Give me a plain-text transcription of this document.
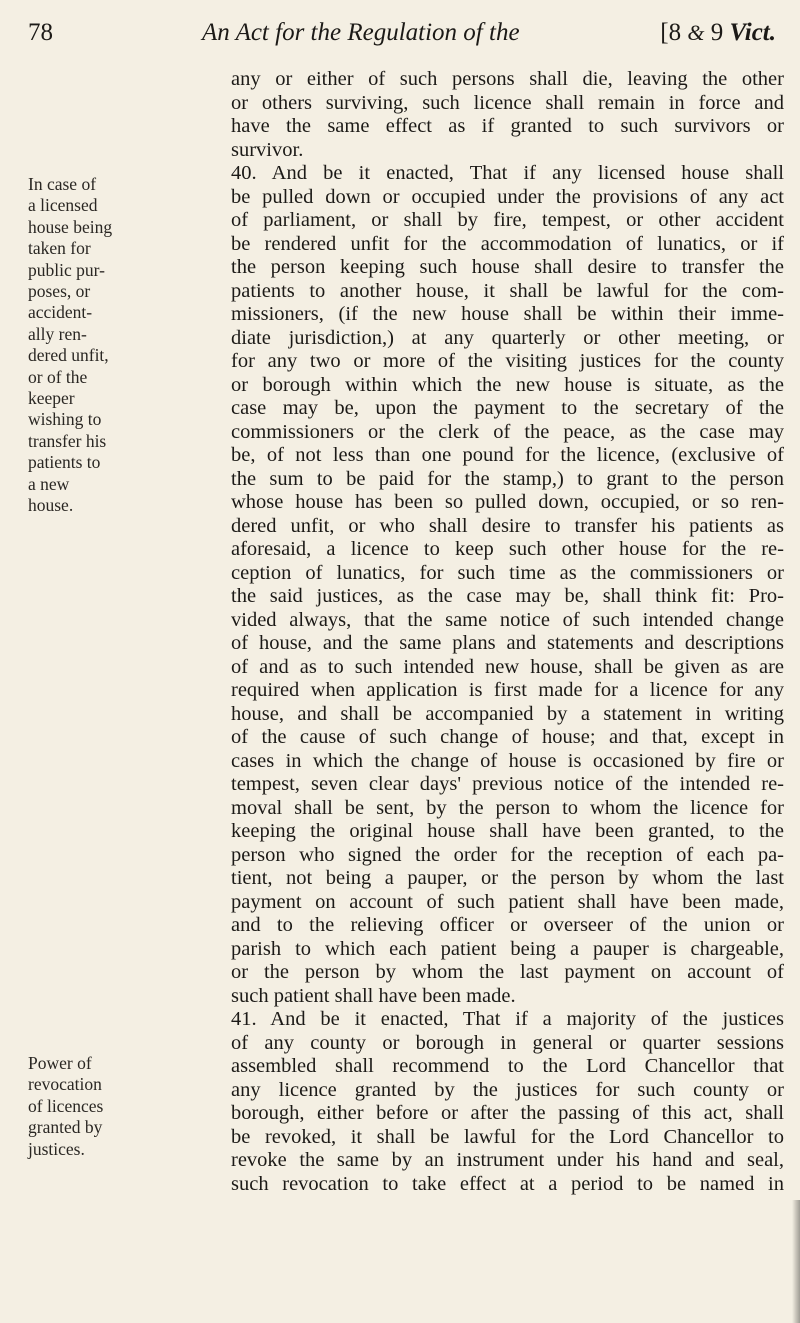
78	An Act for the Regulation of the	[8 & 9 Vict.
In case of
a licensed
house being
taken for
public pur-
poses, or
accident-
ally ren-
dered unfit,
or of the
keeper
wishing to
transfer his
patients to
a new
house.
Power of
revocation
of licences
granted by
justices.
any or either of such persons shall die, leaving the other
or others surviving, such licence shall remain in force and
have the same effect as if granted to such survivors or
survivor.
40. And be it enacted, That if any licensed house shall
be pulled down or occupied under the provisions of any act
of parliament, or shall by fire, tempest, or other accident
be rendered unfit for the accommodation of lunatics, or if
the person keeping such house shall desire to transfer the
patients to another house, it shall be lawful for the com-
missioners, (if the new house shall be within their imme-
diate jurisdiction,) at any quarterly or other meeting, or
for any two or more of the visiting justices for the county
or borough within which the new house is situate, as the
case may be, upon the payment to the secretary of the
commissioners or the clerk of the peace, as the case may
be, of not less than one pound for the licence, (exclusive of
the sum to be paid for the stamp,) to grant to the person
whose house has been so pulled down, occupied, or so ren-
dered unfit, or who shall desire to transfer his patients as
aforesaid, a licence to keep such other house for the re-
ception of lunatics, for such time as the commissioners or
the said justices, as the case may be, shall think fit: Pro-
vided always, that the same notice of such intended change
of house, and the same plans and statements and descriptions
of and as to such intended new house, shall be given as are
required when application is first made for a licence for any
house, and shall be accompanied by a statement in writing
of the cause of such change of house; and that, except in
cases in which the change of house is occasioned by fire or
tempest, seven clear days' previous notice of the intended re-
moval shall be sent, by the person to whom the licence for
keeping the original house shall have been granted, to the
person who signed the order for the reception of each pa-
tient, not being a pauper, or the person by whom the last
payment on account of such patient shall have been made,
and to the relieving officer or overseer of the union or
parish to which each patient being a pauper is chargeable,
or the person by whom the last payment on account of
such patient shall have been made.
41. And be it enacted, That if a majority of the justices
of any county or borough in general or quarter sessions
assembled shall recommend to the Lord Chancellor that
any licence granted by the justices for such county or
borough, either before or after the passing of this act, shall
be revoked, it shall be lawful for the Lord Chancellor to
revoke the same by an instrument under his hand and seal,
such revocation to take effect at a period to be named in
